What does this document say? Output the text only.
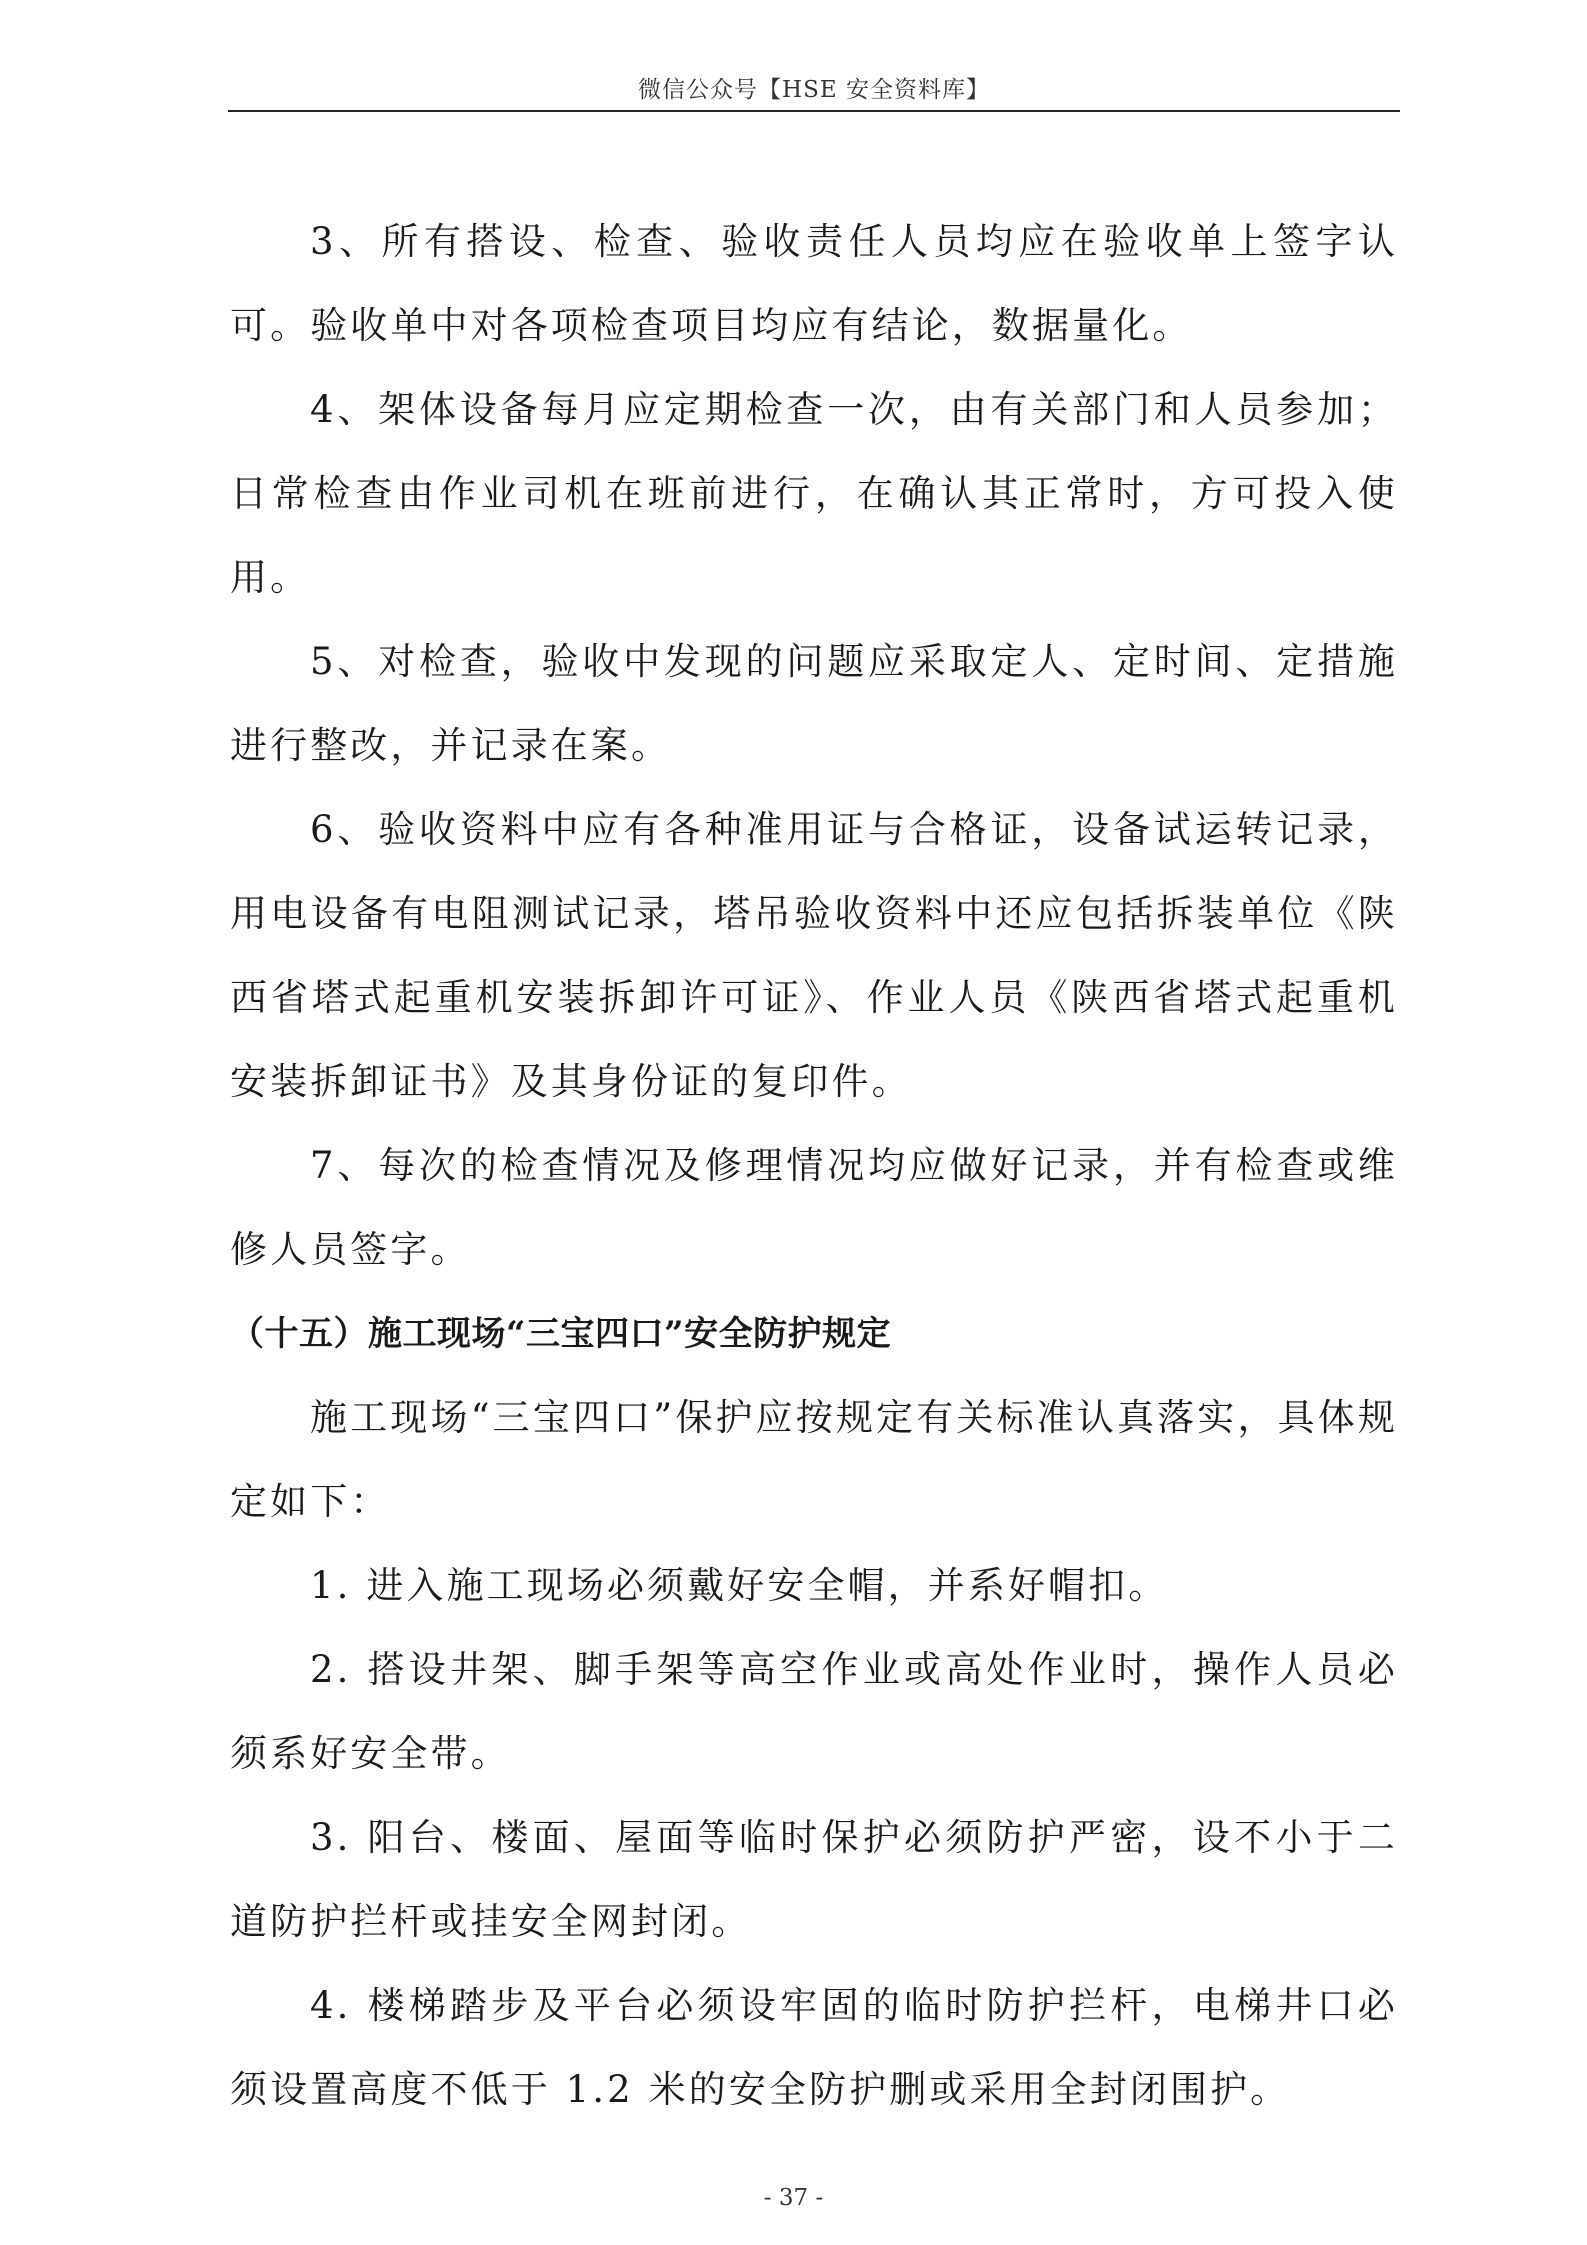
微信公众号【HSE 安全资料库】

3、所有搭设、检查、验收责任人员均应在验收单上签字认可。验收单中对各项检查项目均应有结论，数据量化。

4、架体设备每月应定期检查一次，由有关部门和人员参加；日常检查由作业司机在班前进行，在确认其正常时，方可投入使用。

5、对检查，验收中发现的问题应采取定人、定时间、定措施进行整改，并记录在案。

6、验收资料中应有各种准用证与合格证，设备试运转记录，用电设备有电阻测试记录，塔吊验收资料中还应包括拆装单位《陕西省塔式起重机安装拆卸许可证》、作业人员《陕西省塔式起重机安装拆卸证书》及其身份证的复印件。

7、每次的检查情况及修理情况均应做好记录，并有检查或维修人员签字。

（十五）施工现场“三宝四口”安全防护规定

施工现场“三宝四口”保护应按规定有关标准认真落实，具体规定如下：

1. 进入施工现场必须戴好安全帽，并系好帽扣。

2. 搭设井架、脚手架等高空作业或高处作业时，操作人员必须系好安全带。

3. 阳台、楼面、屋面等临时保护必须防护严密，设不小于二道防护拦杆或挂安全网封闭。

4. 楼梯踏步及平台必须设牢固的临时防护拦杆，电梯井口必须设置高度不低于 1.2 米的安全防护删或采用全封闭围护。

- 37 -
